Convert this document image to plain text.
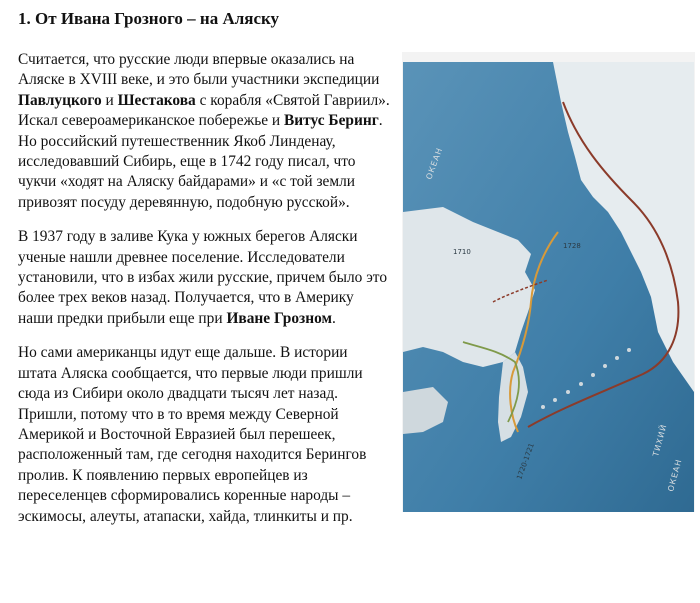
1. От Ивана Грозного – на Аляску

Считается, что русские люди впервые оказались на Аляске в XVIII веке, и это были участники экспедиции Павлуцкого и Шестакова с корабля «Святой Гавриил». Искал североамериканское побережье и Витус Беринг. Но российский путешественник Якоб Линденау, исследовавший Сибирь, еще в 1742 году писал, что чукчи «ходят на Аляску байдарами» и «с той земли привозят посуду деревянную, подобную русской».

В 1937 году в заливе Кука у южных берегов Аляски ученые нашли древнее поселение. Исследователи установили, что в избах жили русские, причем было это более трех веков назад. Получается, что в Америку наши предки прибыли еще при Иване Грозном.

Но сами американцы идут еще дальше. В истории штата Аляска сообщается, что первые люди пришли сюда из Сибири около двадцати тысяч лет назад. Пришли, потому что в то время между Северной Америкой и Восточной Евразией был перешеек, расположенный там, где сегодня находится Берингов пролив. К появлению первых европейцев из переселенцев сформировались коренные народы – эскимосы, алеуты, атапаски, хайда, тлинкиты и пр.

ОКЕАН
ТИХИЙ
ОКЕАН
1710
1728
1720-1721
